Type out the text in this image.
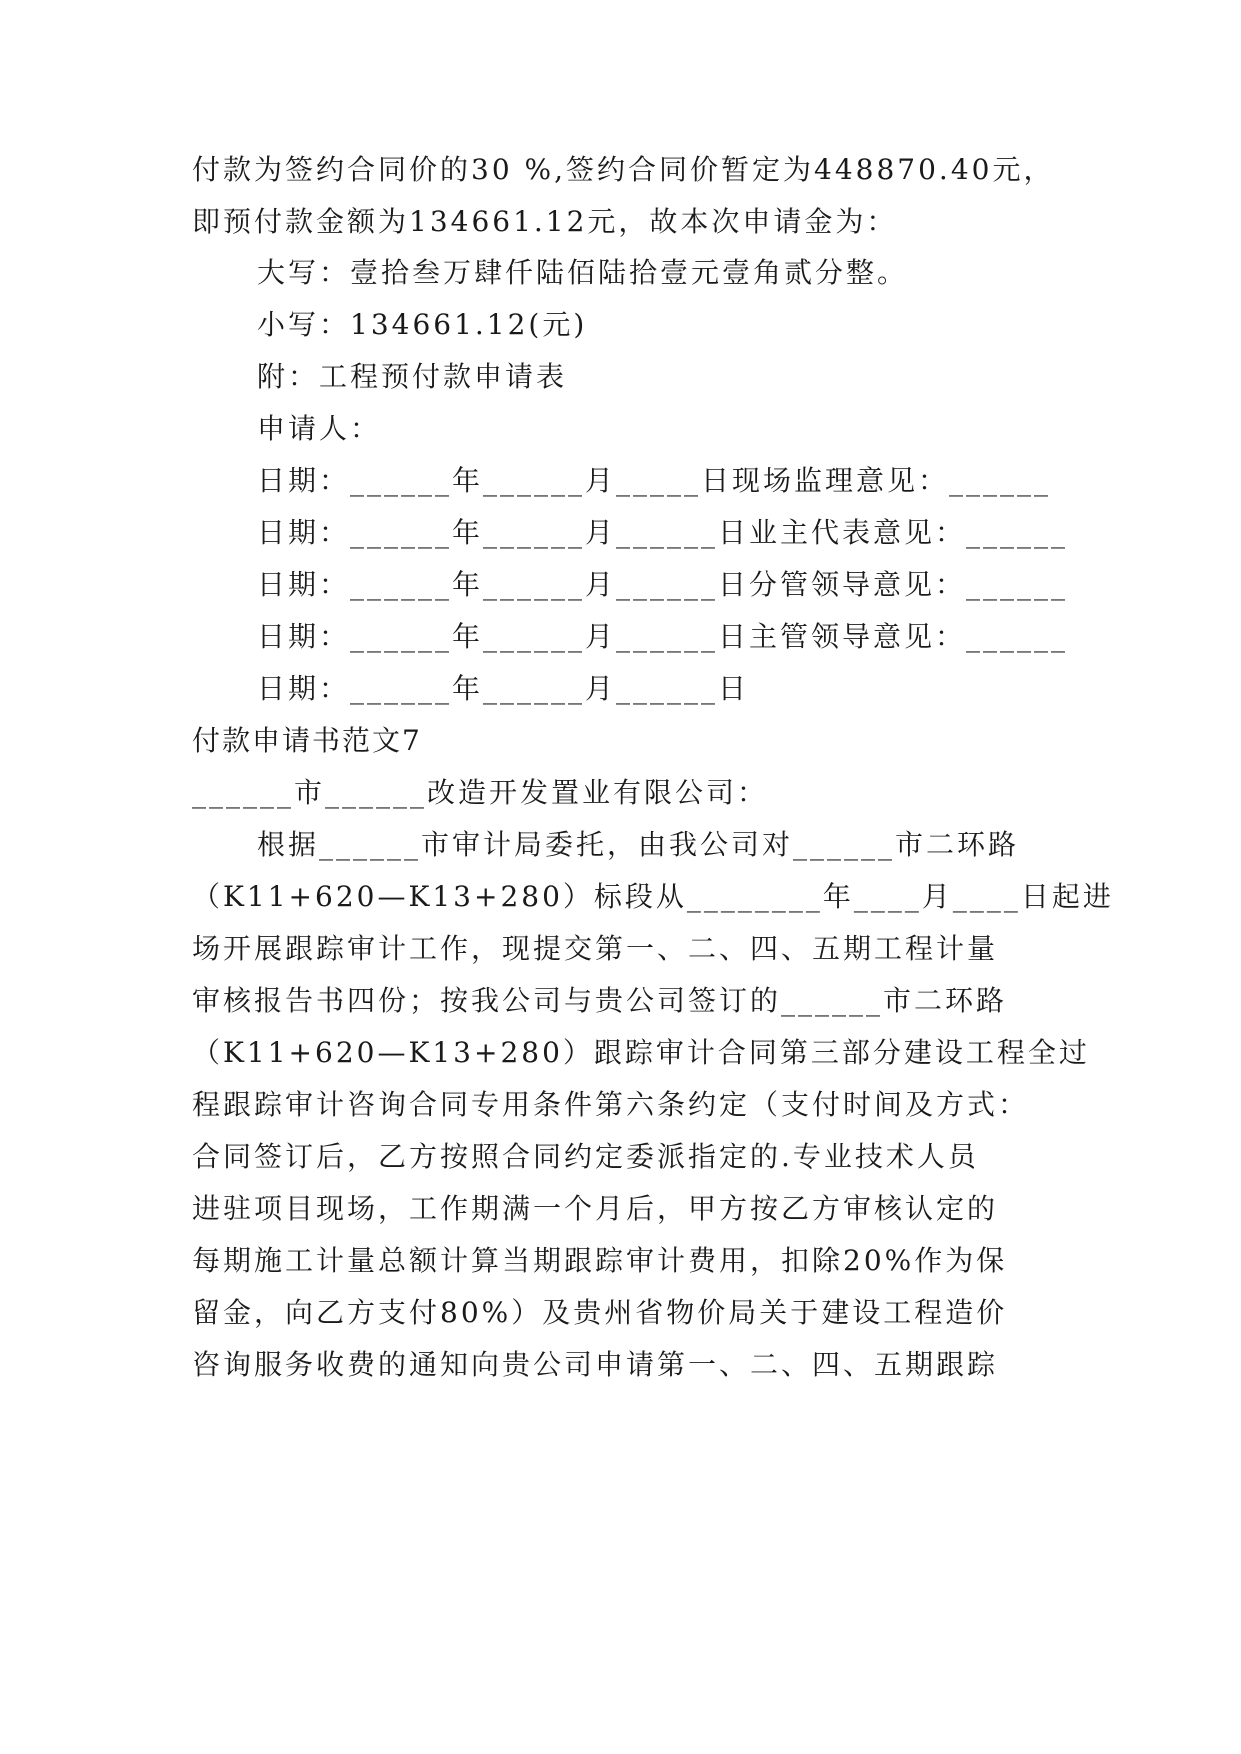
付款为签约合同价的30 %,签约合同价暂定为448870.40元，
即预付款金额为134661.12元，故本次申请金为：
大写：壹拾叁万肆仟陆佰陆拾壹元壹角贰分整。
小写：134661.12(元)
附：工程预付款申请表
申请人：
日期：______年______月_____日现场监理意见：______
日期：______年______月______日业主代表意见：______
日期：______年______月______日分管领导意见：______
日期：______年______月______日主管领导意见：______
日期：______年______月______日
付款申请书范文7
______市______改造开发置业有限公司：
根据______市审计局委托，由我公司对______市二环路
（K11+620—K13+280）标段从________年____月____日起进
场开展跟踪审计工作，现提交第一、二、四、五期工程计量
审核报告书四份；按我公司与贵公司签订的______市二环路
（K11+620—K13+280）跟踪审计合同第三部分建设工程全过
程跟踪审计咨询合同专用条件第六条约定（支付时间及方式：
合同签订后，乙方按照合同约定委派指定的.专业技术人员
进驻项目现场，工作期满一个月后，甲方按乙方审核认定的
每期施工计量总额计算当期跟踪审计费用，扣除20%作为保
留金，向乙方支付80%）及贵州省物价局关于建设工程造价
咨询服务收费的通知向贵公司申请第一、二、四、五期跟踪
